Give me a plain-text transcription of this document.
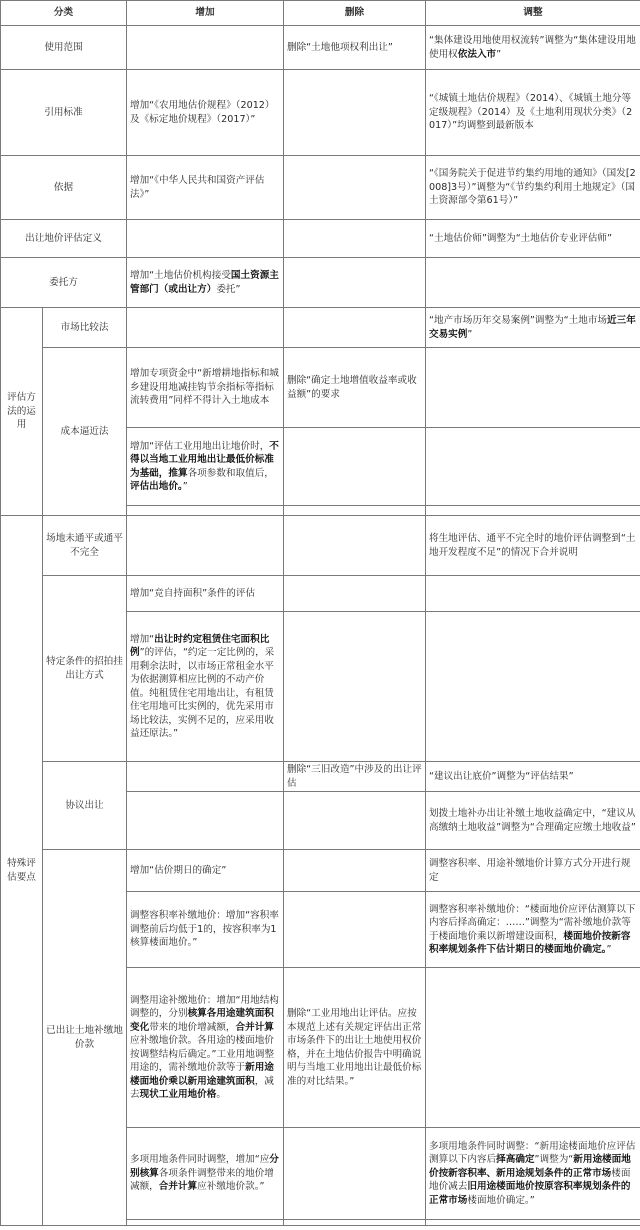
分类		增加	删除	调整
使用范围			删除“土地他项权利出让”	“集体建设用地使用权流转”调整为“集体建设用地使用权依法入市”
引用标准		增加“《农用地估价规程》（2012）及《标定地价规程》（2017）”		“《城镇土地估价规程》（2014）、《城镇土地分等定级规程》（2014）及《土地利用现状分类》（2017）”均调整到最新版本
依据		增加“《中华人民共和国资产评估法》”		“《国务院关于促进节约集约用地的通知》（国发[2008]3号）”调整为“《节约集约利用土地规定》（国土资源部令第61号）”
出让地价评估定义				“土地估价师”调整为“土地估价专业评估师”
委托方		增加“土地估价机构接受国土资源主管部门（或出让方）委托”		
评估方法的运用	市场比较法			“地产市场历年交易案例”调整为“土地市场近三年交易实例”
	成本逼近法	增加专项资金中“新增耕地指标和城乡建设用地减挂钩节余指标等指标流转费用”同样不得计入土地成本	删除“确定土地增值收益率或收益额”的要求	
		增加“评估工业用地出让地价时，不得以当地工业用地出让最低价标准为基础，推算各项参数和取值后，评估出地价。”		

特殊评估要点	场地未通平或通平不完全			将生地评估、通平不完全时的地价评估调整到“土地开发程度不足”的情况下合并说明
	特定条件的招拍挂出让方式	增加“竞自持面积”条件的评估		
		增加“出让时约定租赁住宅面积比例”的评估，“约定一定比例的，采用剩余法时，以市场正常租金水平为依据测算相应比例的不动产价值。纯租赁住宅用地出让，有租赁住宅用地可比实例的，优先采用市场比较法，实例不足的，应采用收益还原法。”		
	协议出让		删除“三旧改造”中涉及的出让评估	“建议出让底价”调整为“评估结果”
				划拨土地补办出让补缴土地收益确定中，“建议从高缴纳土地收益”调整为“合理确定应缴土地收益”
	已出让土地补缴地价款	增加“估价期日的确定”		调整容积率、用途补缴地价计算方式分开进行规定
		调整容积率补缴地价：增加“容积率调整前后均低于1的，按容积率为1核算楼面地价。”		调整容积率补缴地价：“楼面地价应评估测算以下内容后择高确定：……”调整为“需补缴地价款等于楼面地价乘以新增建设面积，楼面地价按新容积率规划条件下估计期日的楼面地价确定。”
		调整用途补缴地价：增加“用地结构调整的，分别核算各用途建筑面积变化带来的地价增减额，合并计算应补缴地价款。各用途的楼面地价按调整结构后确定。”工业用地调整用途的，需补缴地价款等于新用途楼面地价乘以新用途建筑面积，减去现状工业用地价格。	删除“工业用地出让评估。应按本规范上述有关规定评估出正常市场条件下的出让土地使用权价格，并在土地估价报告中明确说明与当地工业用地出让最低价标准的对比结果。”	
		多项用地条件同时调整，增加“应分别核算各项条件调整带来的地价增减额，合并计算应补缴地价款。”		多项用地条件同时调整：“新用途楼面地价应评估测算以下内容后择高确定”调整为“新用途楼面地价按新容积率、新用途规划条件的正常市场楼面地价减去旧用途楼面地价按原容积率规划条件的正常市场楼面地价确定。”
